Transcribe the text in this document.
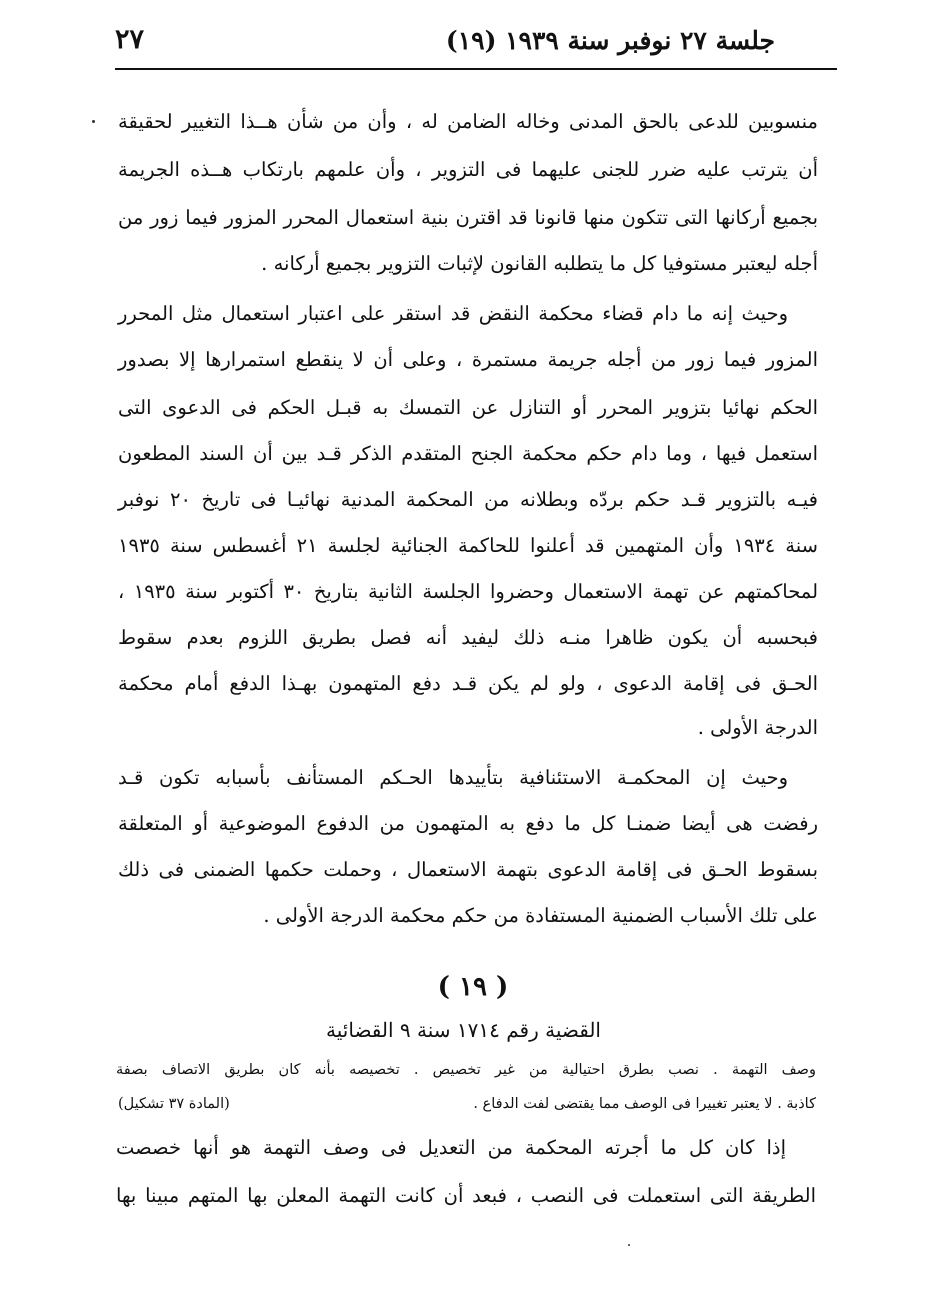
جلسة ٢٧ نوفبر سنة ١٩٣٩ (١٩)
٢٧
منسوبين للدعى بالحق المدنى وخاله الضامن له ، وأن من شأن هــذا التغيير لحقيقة
أن يترتب عليه ضرر للجنى عليهما فى التزوير ، وأن علمهم بارتكاب هــذه الجريمة
بجميع أركانها التى تتكون منها قانونا قد اقترن بنية استعمال المحرر المزور فيما زور من
أجله ليعتبر مستوفيا كل ما يتطلبه القانون لإثبات التزوير بجميع أركانه .
وحيث إنه ما دام قضاء محكمة النقض قد استقر على اعتبار استعمال مثل المحرر
المزور فيما زور من أجله جريمة مستمرة ، وعلى أن لا ينقطع استمرارها إلا بصدور
الحكم نهائيا بتزوير المحرر أو التنازل عن التمسك به قبـل الحكم فى الدعوى التى
استعمل فيها ، وما دام حكم محكمة الجنح المتقدم الذكر قـد بين أن السند المطعون
فيـه بالتزوير قـد حكم بردّه وبطلانه من المحكمة المدنية نهائيـا فى تاريخ ٢٠ نوفبر
سنة ١٩٣٤ وأن المتهمين قد أعلنوا للحاكمة الجنائية لجلسة ٢١ أغسطس سنة ١٩٣٥
لمحاكمتهم عن تهمة الاستعمال وحضروا الجلسة الثانية بتاريخ ٣٠ أكتوبر سنة ١٩٣٥ ،
فبحسبه أن يكون ظاهرا منـه ذلك ليفيد أنه فصل بطريق اللزوم بعدم سقوط
الحـق فى إقامة الدعوى ، ولو لم يكن قـد دفع المتهمون بهـذا الدفع أمام محكمة
الدرجة الأولى .
وحيث إن المحكمـة الاستئنافية بتأييدها الحـكم المستأنف بأسبابه تكون قـد
رفضت هى أيضا ضمنـا كل ما دفع به المتهمون من الدفوع الموضوعية أو المتعلقة
بسقوط الحـق فى إقامة الدعوى بتهمة الاستعمال ، وحملت حكمها الضمنى فى ذلك
على تلك الأسباب الضمنية المستفادة من حكم محكمة الدرجة الأولى .
( ١٩ )
القضية رقم ١٧١٤ سنة ٩ القضائية
وصف التهمة . نصب بطرق احتيالية من غير تخصيص . تخصيصه بأنه كان بطريق الاتصاف بصفة
كاذبة . لا يعتبر تغييرا فى الوصف مما يقتضى لفت الدفاع .
(المادة ٣٧ تشكيل)
إذا كان كل ما أجرته المحكمة من التعديل فى وصف التهمة هو أنها خصصت
الطريقة التى استعملت فى النصب ، فبعد أن كانت التهمة المعلن بها المتهم مبينا بها
